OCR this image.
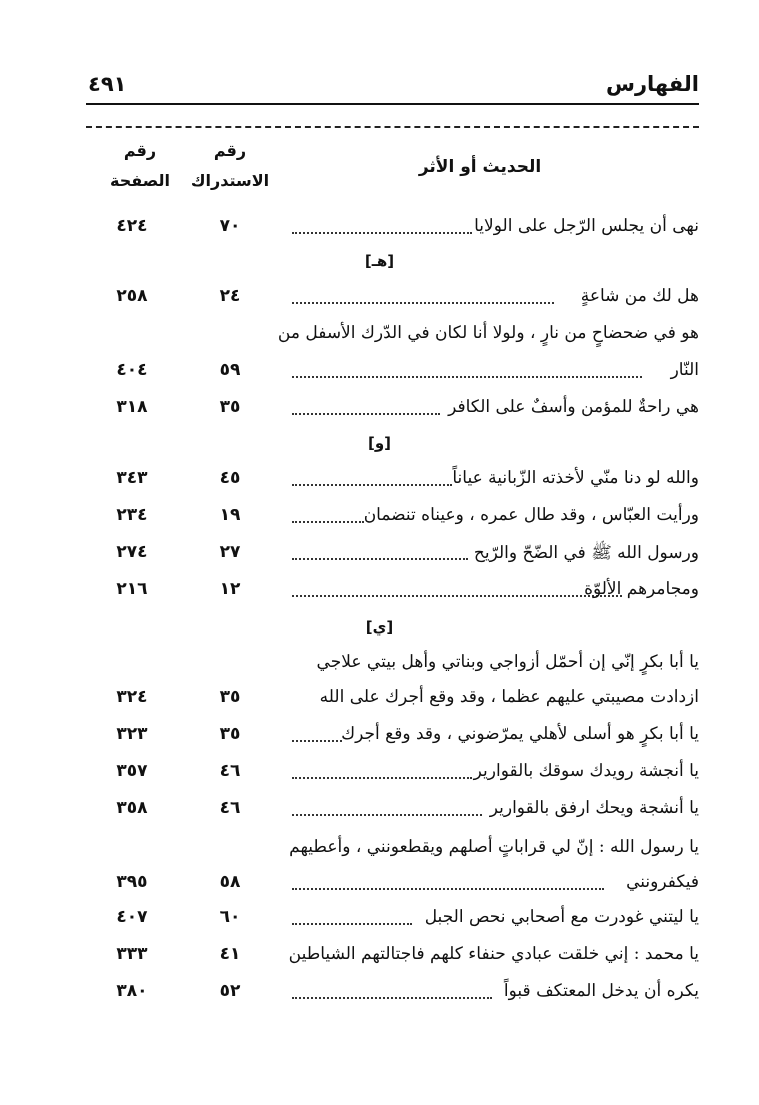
الفهارس
٤٩١
رقم
الصفحة
رقم
الاستدراك
الحديث أو الأثر
٤٢٤	٧٠	نهى أن يجلس الرّجل على الولايا
[هـ]
٢٥٨	٢٤	هل لك من شاعةٍ
هو في ضحضاحٍ من نارٍ ، ولولا أنا لكان في الدّرك الأسفل من
٤٠٤	٥٩	النّار
٣١٨	٣٥	هي راحةٌ للمؤمن وأسفٌ على الكافر
[و]
٣٤٣	٤٥	والله لو دنا منّي لأخذته الزّبانية عياناً
٢٣٤	١٩	ورأيت العبّاس ، وقد طال عمره ، وعيناه تنضمان
٢٧٤	٢٧	ورسول الله ﷺ في الضّحّ والرّيح
٢١٦	١٢	ومجامرهم الألوّة
[ي]
يا أبا بكرٍ إنّي إن أحمّل أزواجي وبناتي وأهل بيتي علاجي
٣٢٤	٣٥	ازدادت مصيبتي عليهم عظما ، وقد وقع أجرك على الله
٣٢٣	٣٥	يا أبا بكرٍ هو أسلى لأهلي يمرّضوني ، وقد وقع أجرك
٣٥٧	٤٦	يا أنجشة رويدك سوقك بالقوارير
٣٥٨	٤٦	يا أنشجة ويحك ارفق بالقوارير
يا رسول الله : إنّ لي قراباتٍ أصلهم ويقطعونني ، وأعطيهم
٣٩٥	٥٨	فيكفرونني
٤٠٧	٦٠	يا ليتني غودرت مع أصحابي نحص الجبل
٣٣٣	٤١	يا محمد : إني خلقت عبادي حنفاء كلهم فاجتالتهم الشياطين
٣٨٠	٥٢	يكره أن يدخل المعتكف قبواً
